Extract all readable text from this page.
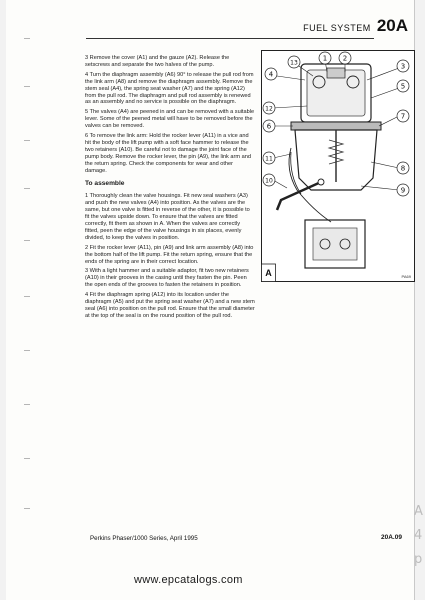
FUEL SYSTEM 20A

3 Remove the cover (A1) and the gauze (A2). Release the setscrews and separate the two halves of the pump.

4 Turn the diaphragm assembly (A6) 90° to release the pull rod from the link arm (A8) and remove the diaphragm assembly. Remove the stem seal (A4), the spring seat washer (A7) and the spring (A12) from the pull rod. The diaphragm and pull rod assembly is renewed as an assembly and no service is possible on the diaphragm.

5 The valves (A4) are peened in and can be removed with a suitable lever. Some of the peened metal will have to be removed before the valves can be removed.

6 To remove the link arm: Hold the rocker lever (A11) in a vice and hit the body of the lift pump with a soft face hammer to release the two retainers (A10). Be careful not to damage the joint face of the pump body. Remove the rocker lever, the pin (A9), the link arm and the return spring. Check the components for wear and other damage.

To assemble

1 Thoroughly clean the valve housings. Fit new seal washers (A3) and push the new valves (A4) into position. As the valves are the same, but one valve is fitted in reverse of the other, it is possible to fit the valves upside down. To ensure that the valves are fitted correctly, fit them as shown in A. When the valves are correctly fitted, peen the edge of the valve housings in six places, evenly divided, to keep the valves in position.

2 Fit the rocker lever (A11), pin (A9) and link arm assembly (A8) into the bottom half of the lift pump. Fit the return spring, ensure that the ends of the spring are in their correct location.

3 With a light hammer and a suitable adaptor, fit two new retainers (A10) in their grooves in the casing until they fasten the pin. Peen the open ends of the grooves to fasten the retainers in position.

4 Fit the diaphragm spring (A12) into its location under the diaphragm (A5) and put the spring seat washer (A7) and a new stem seal (A6) into position on the pull rod. Ensure that the small diameter at the top of the seal is on the round position of the pull rod.

4
13
1 2
3
5
12
6
7
11
10
8
9
A	PA69
Perkins Phaser/1000 Series, April 1995	20A.09
www.epcatalogs.com
A
4
p
